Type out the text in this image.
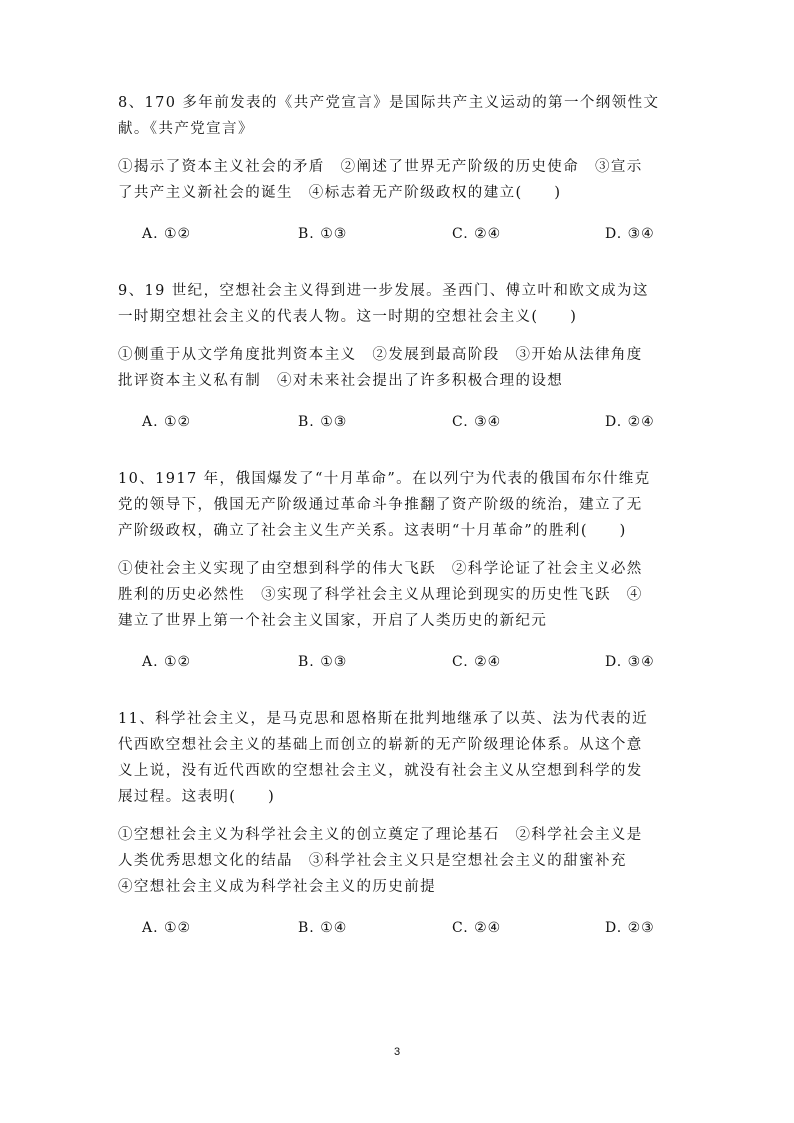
8、170 多年前发表的《共产党宣言》是国际共产主义运动的第一个纲领性文

献。《共产党宣言》

①揭示了资本主义社会的矛盾　②阐述了世界无产阶级的历史使命　③宣示

了共产主义新社会的诞生　④标志着无产阶级政权的建立(　　)

A. ①②	B. ①③	C. ②④	D. ③④

9、19 世纪，空想社会主义得到进一步发展。圣西门、傅立叶和欧文成为这

一时期空想社会主义的代表人物。这一时期的空想社会主义(　　)

①侧重于从文学角度批判资本主义　②发展到最高阶段　③开始从法律角度

批评资本主义私有制　④对未来社会提出了许多积极合理的设想

A. ①②	B. ①③	C. ③④	D. ②④

10、1917 年，俄国爆发了“十月革命”。在以列宁为代表的俄国布尔什维克

党的领导下，俄国无产阶级通过革命斗争推翻了资产阶级的统治，建立了无

产阶级政权，确立了社会主义生产关系。这表明“十月革命”的胜利(　　)

①使社会主义实现了由空想到科学的伟大飞跃　②科学论证了社会主义必然

胜利的历史必然性　③实现了科学社会主义从理论到现实的历史性飞跃　④

建立了世界上第一个社会主义国家，开启了人类历史的新纪元

A. ①②	B. ①③	C. ②④	D. ③④

11、科学社会主义，是马克思和恩格斯在批判地继承了以英、法为代表的近

代西欧空想社会主义的基础上而创立的崭新的无产阶级理论体系。从这个意

义上说，没有近代西欧的空想社会主义，就没有社会主义从空想到科学的发

展过程。这表明(　　)

①空想社会主义为科学社会主义的创立奠定了理论基石　②科学社会主义是

人类优秀思想文化的结晶　③科学社会主义只是空想社会主义的甜蜜补充

④空想社会主义成为科学社会主义的历史前提

A. ①②	B. ①④	C. ②④	D. ②③
3
